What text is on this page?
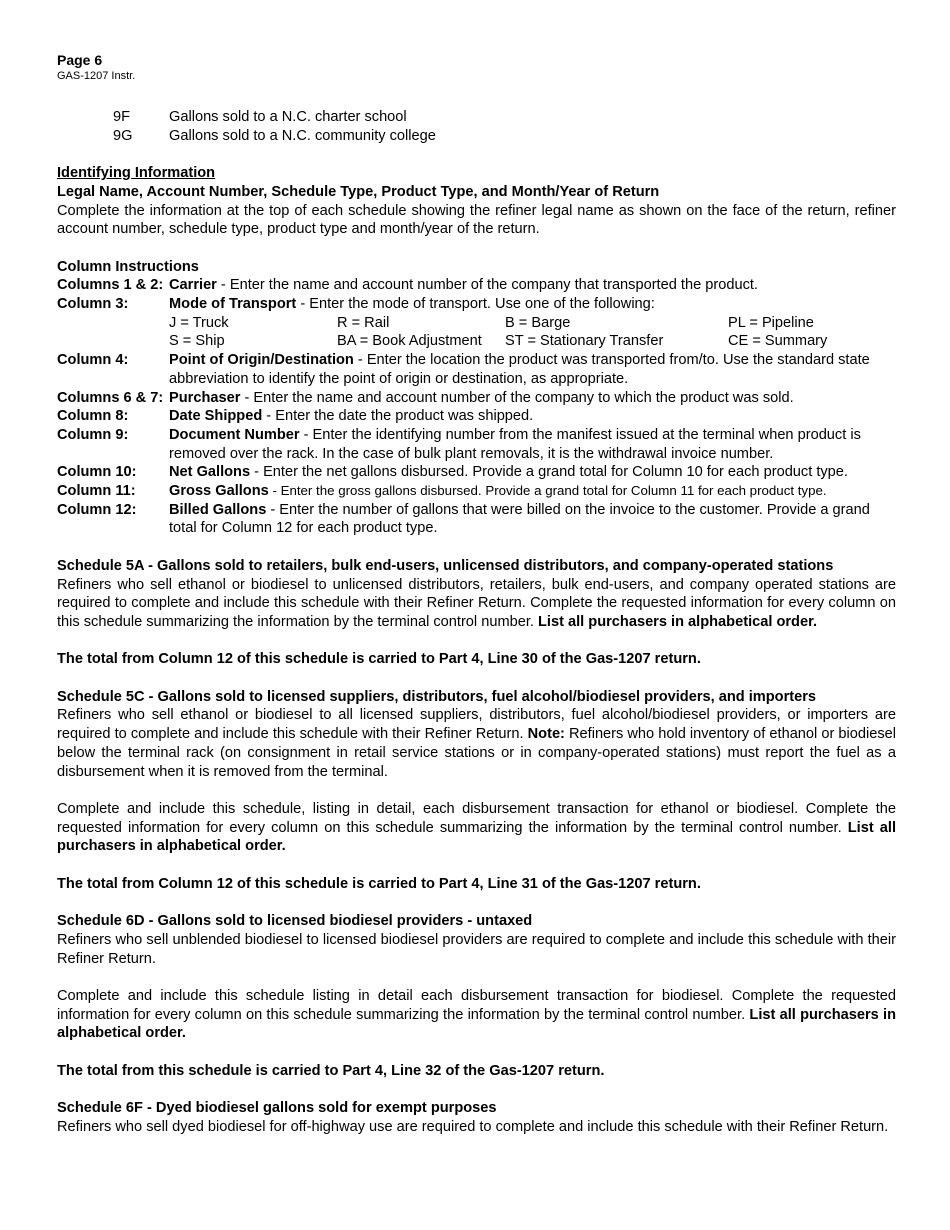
Page 6
GAS-1207 Instr.
9F	Gallons sold to a N.C. charter school
9G	Gallons sold to a N.C. community college
Identifying Information
Legal Name, Account Number, Schedule Type, Product Type, and Month/Year of Return
Complete the information at the top of each schedule showing the refiner legal name as shown on the face of the return, refiner account number, schedule type, product type and month/year of the return.
Column Instructions
Columns 1 & 2: Carrier - Enter the name and account number of the company that transported the product.
Column 3:	Mode of Transport - Enter the mode of transport. Use one of the following:
J = Truck	R = Rail	B = Barge	PL = Pipeline
S = Ship	BA = Book Adjustment	ST = Stationary Transfer	CE = Summary
Column 4:	Point of Origin/Destination - Enter the location the product was transported from/to. Use the standard state abbreviation to identify the point of origin or destination, as appropriate.
Columns 6 & 7: Purchaser - Enter the name and account number of the company to which the product was sold.
Column 8:	Date Shipped - Enter the date the product was shipped.
Column 9:	Document Number - Enter the identifying number from the manifest issued at the terminal when product is removed over the rack. In the case of bulk plant removals, it is the withdrawal invoice number.
Column 10:	Net Gallons - Enter the net gallons disbursed. Provide a grand total for Column 10 for each product type.
Column 11:	Gross Gallons - Enter the gross gallons disbursed. Provide a grand total for Column 11 for each product type.
Column 12:	Billed Gallons - Enter the number of gallons that were billed on the invoice to the customer. Provide a grand total for Column 12 for each product type.
Schedule 5A - Gallons sold to retailers, bulk end-users, unlicensed distributors, and company-operated stations
Refiners who sell ethanol or biodiesel to unlicensed distributors, retailers, bulk end-users, and company operated stations are required to complete and include this schedule with their Refiner Return. Complete the requested information for every column on this schedule summarizing the information by the terminal control number. List all purchasers in alphabetical order.
The total from Column 12 of this schedule is carried to Part 4, Line 30 of the Gas-1207 return.
Schedule 5C - Gallons sold to licensed suppliers, distributors, fuel alcohol/biodiesel providers, and importers
Refiners who sell ethanol or biodiesel to all licensed suppliers, distributors, fuel alcohol/biodiesel providers, or importers are required to complete and include this schedule with their Refiner Return. Note: Refiners who hold inventory of ethanol or biodiesel below the terminal rack (on consignment in retail service stations or in company-operated stations) must report the fuel as a disbursement when it is removed from the terminal.
Complete and include this schedule, listing in detail, each disbursement transaction for ethanol or biodiesel. Complete the requested information for every column on this schedule summarizing the information by the terminal control number. List all purchasers in alphabetical order.
The total from Column 12 of this schedule is carried to Part 4, Line 31 of the Gas-1207 return.
Schedule 6D - Gallons sold to licensed biodiesel providers - untaxed
Refiners who sell unblended biodiesel to licensed biodiesel providers are required to complete and include this schedule with their Refiner Return.
Complete and include this schedule listing in detail each disbursement transaction for biodiesel. Complete the requested information for every column on this schedule summarizing the information by the terminal control number. List all purchasers in alphabetical order.
The total from this schedule is carried to Part 4, Line 32 of the Gas-1207 return.
Schedule 6F - Dyed biodiesel gallons sold for exempt purposes
Refiners who sell dyed biodiesel for off-highway use are required to complete and include this schedule with their Refiner Return.
